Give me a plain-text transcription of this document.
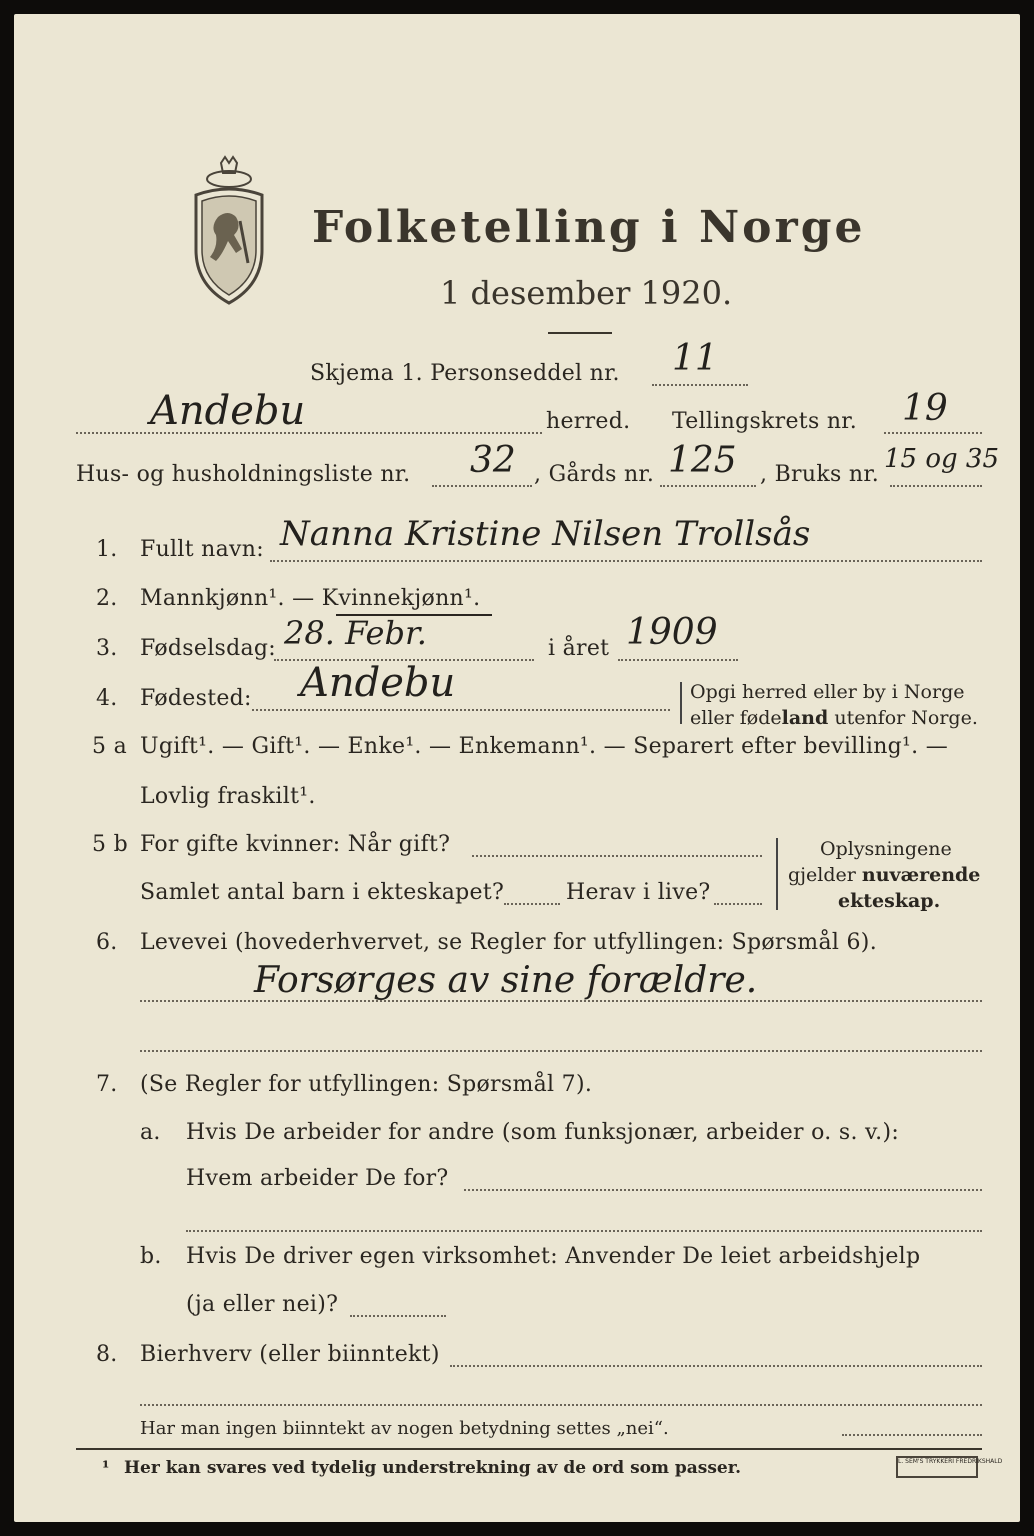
Folketelling i Norge
1 desember 1920.
Skjema 1. Personseddel nr. 11
Andebu	herred. Tellingskrets nr. 19
Hus- og husholdningsliste nr. 32 , Gårds nr. 125 , Bruks nr.
15 og 35
1. Fullt navn: Nanna Kristine Nilsen Trollsås
2. Mannkjønn¹. — Kvinnekjønn¹.
3. Fødselsdag: 28. Febr.	i året 1909
4. Fødested: Andebu	Opgi herred eller by i Norge
eller fødeland utenfor Norge.
5 a Ugift¹. — Gift¹. — Enke¹. — Enkemann¹. — Separert efter bevilling¹. —
Lovlig fraskilt¹.
5 b For gifte kvinner: Når gift?
Samlet antal barn i ekteskapet?	Herav i live?
Oplysningene
gjelder nuværende
ekteskap.
6. Levevei (hovederhvervet, se Regler for utfyllingen: Spørsmål 6).
Forsørges av sine forældre.
7. (Se Regler for utfyllingen: Spørsmål 7).
a. Hvis De arbeider for andre (som funksjonær, arbeider o. s. v.):
Hvem arbeider De for?
b. Hvis De driver egen virksomhet: Anvender De leiet arbeidshjelp
(ja eller nei)?
8. Bierhverv (eller biinntekt)
Har man ingen biinntekt av nogen betydning settes „nei“.
¹ Her kan svares ved tydelig understrekning av de ord som passer.	L. SEM'S TRYKKERI FREDRIKSHALD
